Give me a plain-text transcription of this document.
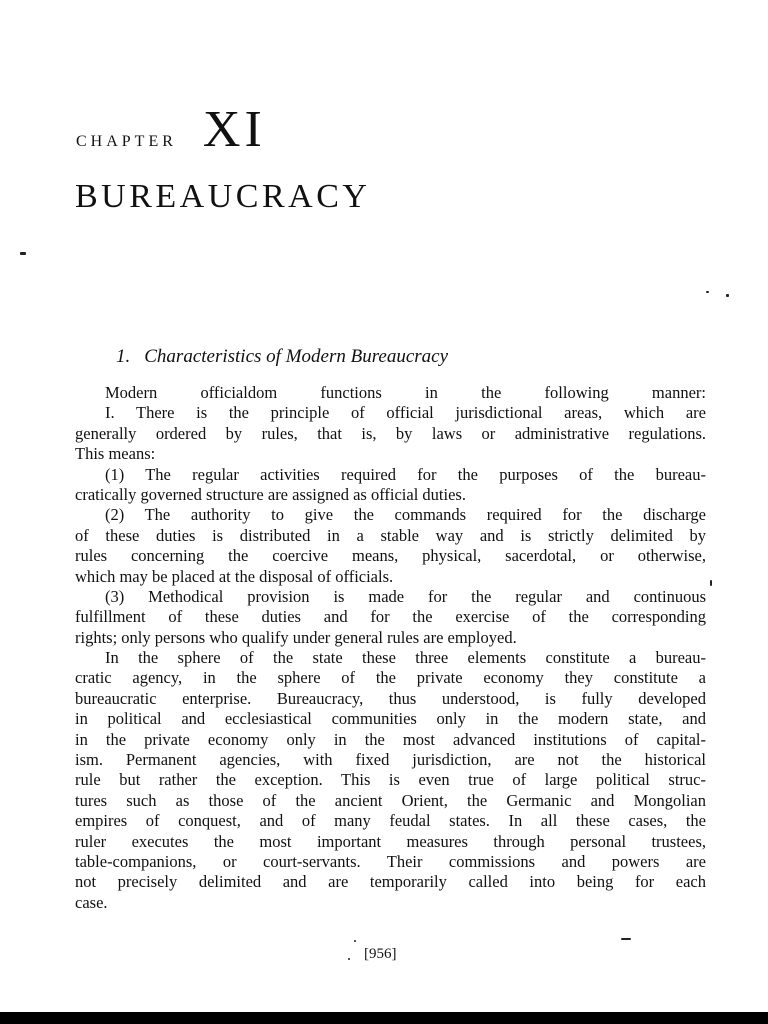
CHAPTER XI
BUREAUCRACY
1. Characteristics of Modern Bureaucracy
Modern officialdom functions in the following manner:
I. There is the principle of official jurisdictional areas, which are
generally ordered by rules, that is, by laws or administrative regulations.
This means:
(1) The regular activities required for the purposes of the bureau-
cratically governed structure are assigned as official duties.
(2) The authority to give the commands required for the discharge
of these duties is distributed in a stable way and is strictly delimited by
rules concerning the coercive means, physical, sacerdotal, or otherwise,
which may be placed at the disposal of officials.
(3) Methodical provision is made for the regular and continuous
fulfillment of these duties and for the exercise of the corresponding
rights; only persons who qualify under general rules are employed.
In the sphere of the state these three elements constitute a bureau-
cratic agency, in the sphere of the private economy they constitute a
bureaucratic enterprise. Bureaucracy, thus understood, is fully developed
in political and ecclesiastical communities only in the modern state, and
in the private economy only in the most advanced institutions of capital-
ism. Permanent agencies, with fixed jurisdiction, are not the historical
rule but rather the exception. This is even true of large political struc-
tures such as those of the ancient Orient, the Germanic and Mongolian
empires of conquest, and of many feudal states. In all these cases, the
ruler executes the most important measures through personal trustees,
table-companions, or court-servants. Their commissions and powers are
not precisely delimited and are temporarily called into being for each
case.
[956]
